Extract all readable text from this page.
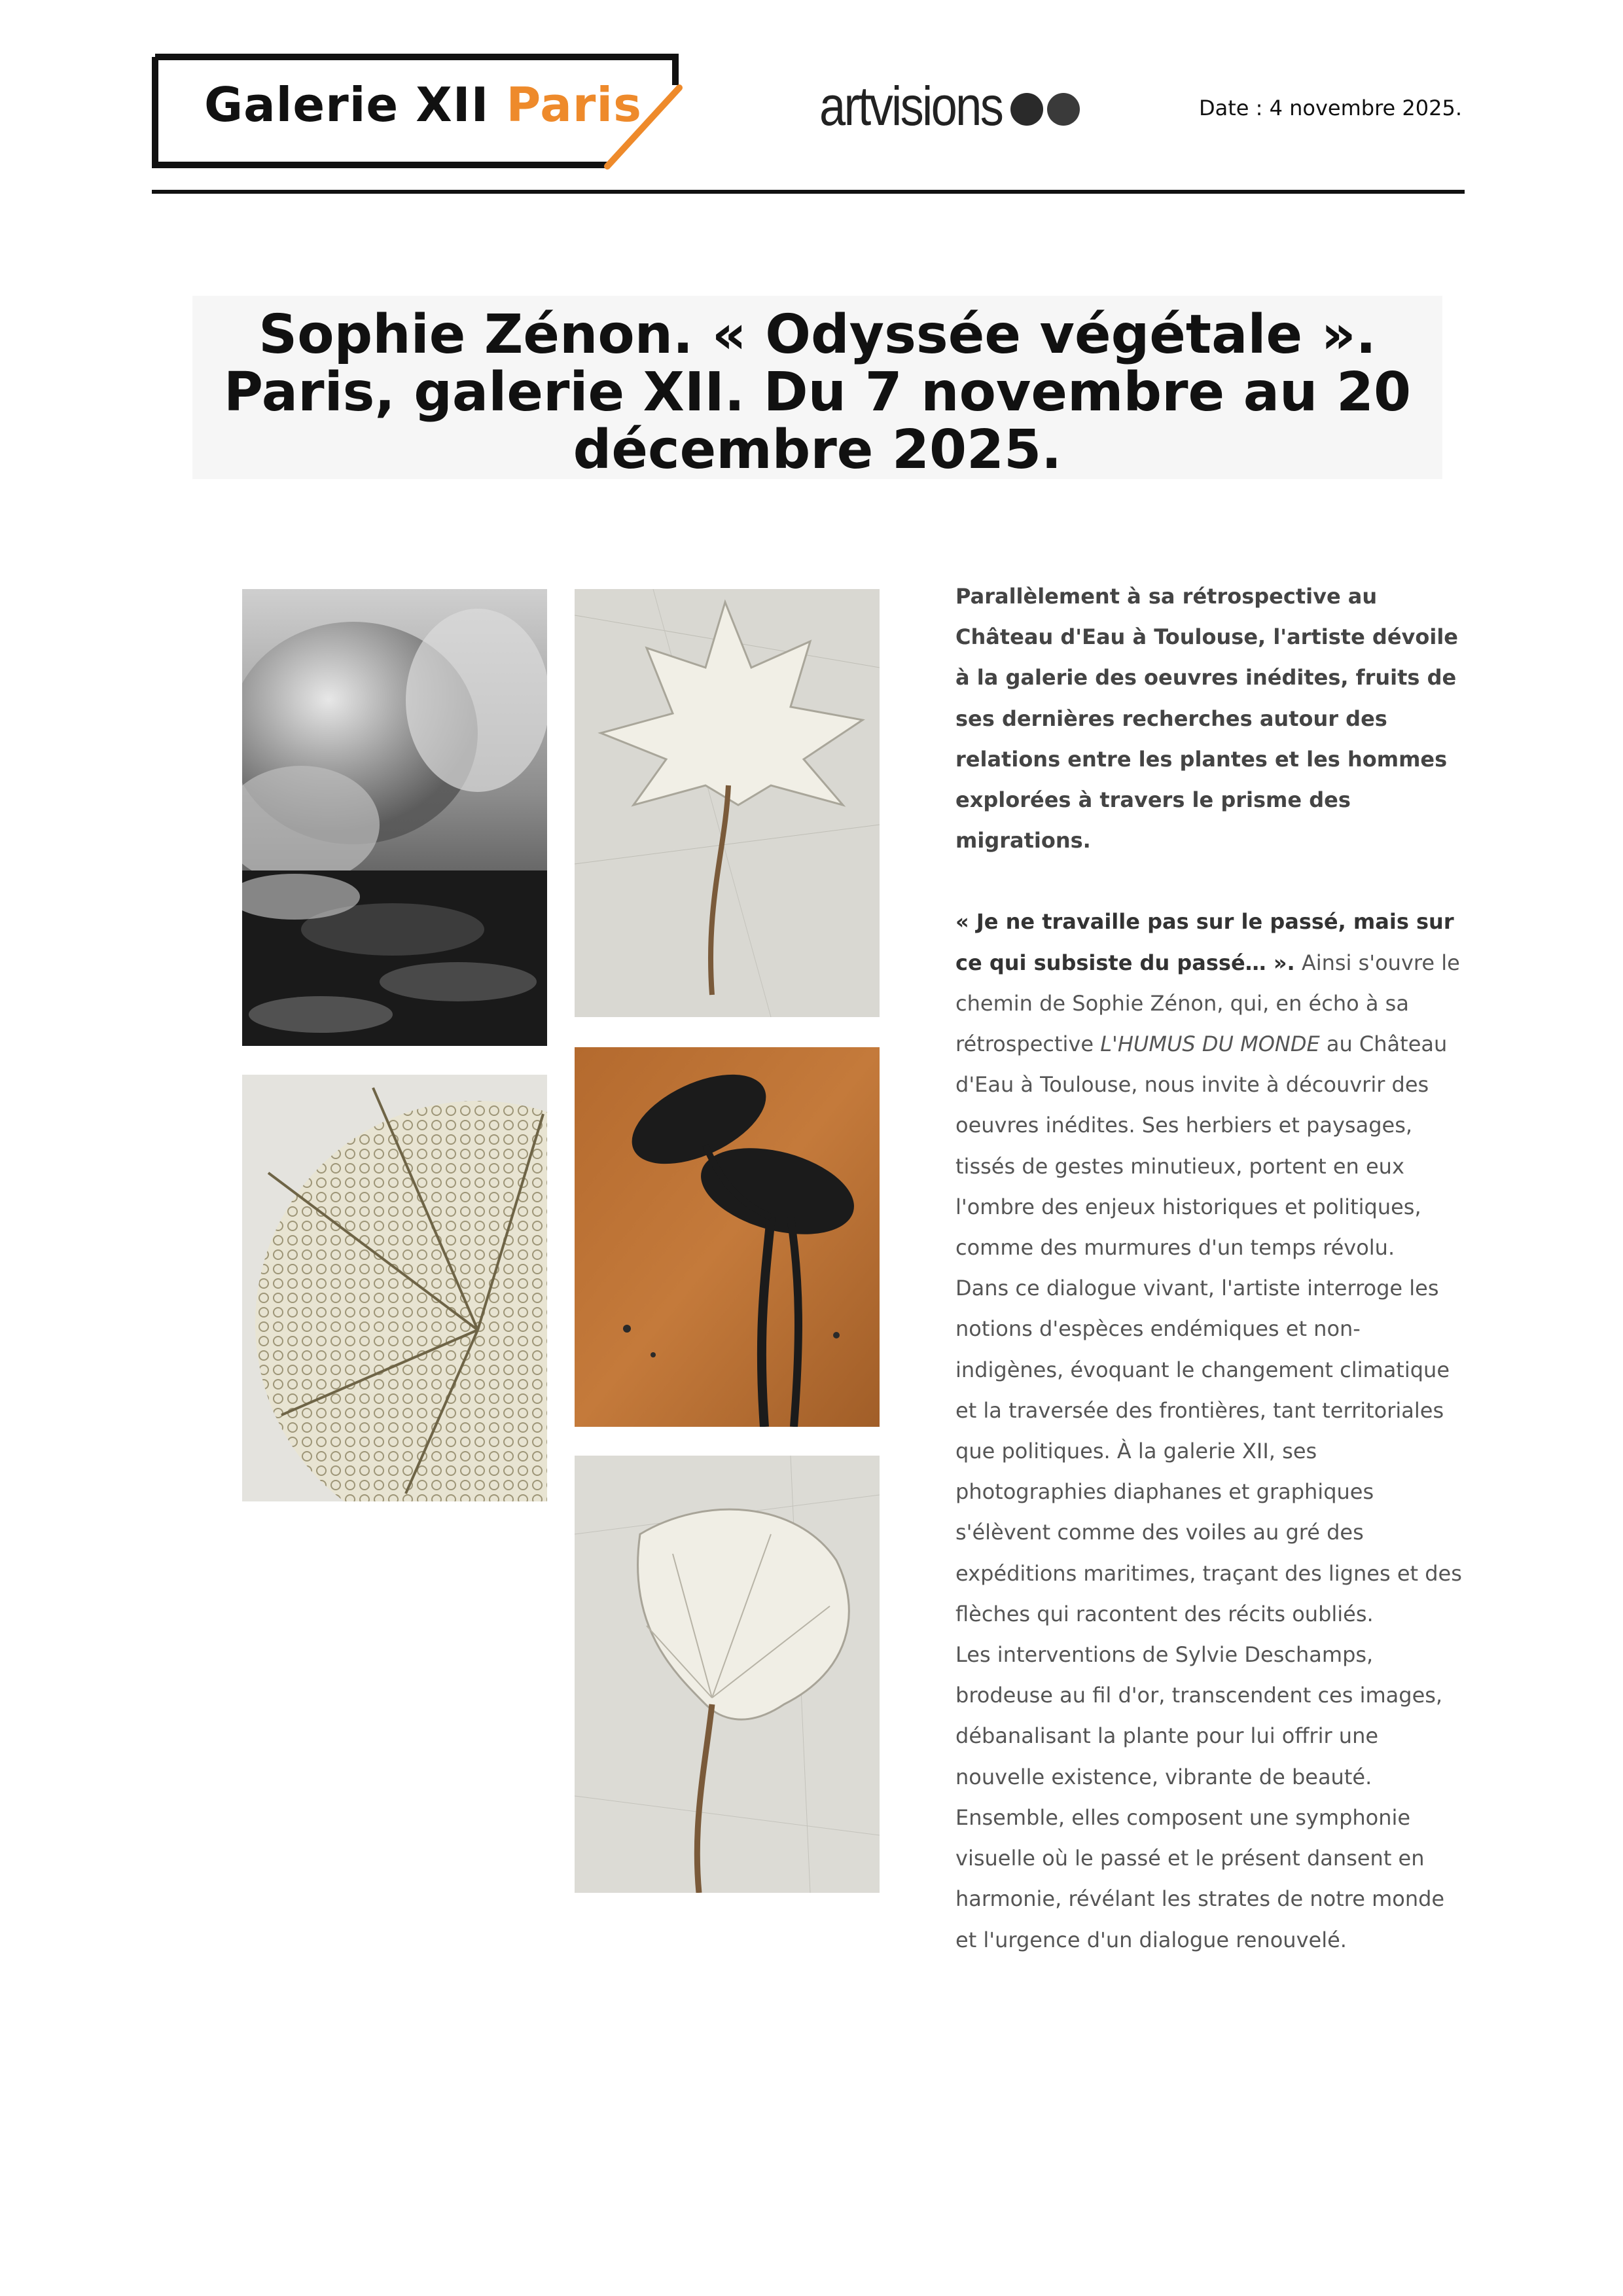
Galerie XII Paris	artvisions	Date : 4 novembre 2025.
Sophie Zénon. « Odyssée végétale ». Paris, galerie XII. Du 7 novembre au 20 décembre 2025.

Parallèlement à sa rétrospective au Château d'Eau à Toulouse, l'artiste dévoile à la galerie des oeuvres inédites, fruits de ses dernières recherches autour des relations entre les plantes et les hommes explorées à travers le prisme des migrations.

« Je ne travaille pas sur le passé, mais sur ce qui subsiste du passé… ». Ainsi s'ouvre le chemin de Sophie Zénon, qui, en écho à sa rétrospective L'HUMUS DU MONDE au Château d'Eau à Toulouse, nous invite à découvrir des oeuvres inédites. Ses herbiers et paysages, tissés de gestes minutieux, portent en eux l'ombre des enjeux historiques et politiques, comme des murmures d'un temps révolu.

Dans ce dialogue vivant, l'artiste interroge les notions d'espèces endémiques et non-indigènes, évoquant le changement climatique et la traversée des frontières, tant territoriales que politiques. À la galerie XII, ses photographies diaphanes et graphiques s'élèvent comme des voiles au gré des expéditions maritimes, traçant des lignes et des flèches qui racontent des récits oubliés.

Les interventions de Sylvie Deschamps, brodeuse au fil d'or, transcendent ces images, débanalisant la plante pour lui offrir une nouvelle existence, vibrante de beauté. Ensemble, elles composent une symphonie visuelle où le passé et le présent dansent en harmonie, révélant les strates de notre monde et l'urgence d'un dialogue renouvelé.
